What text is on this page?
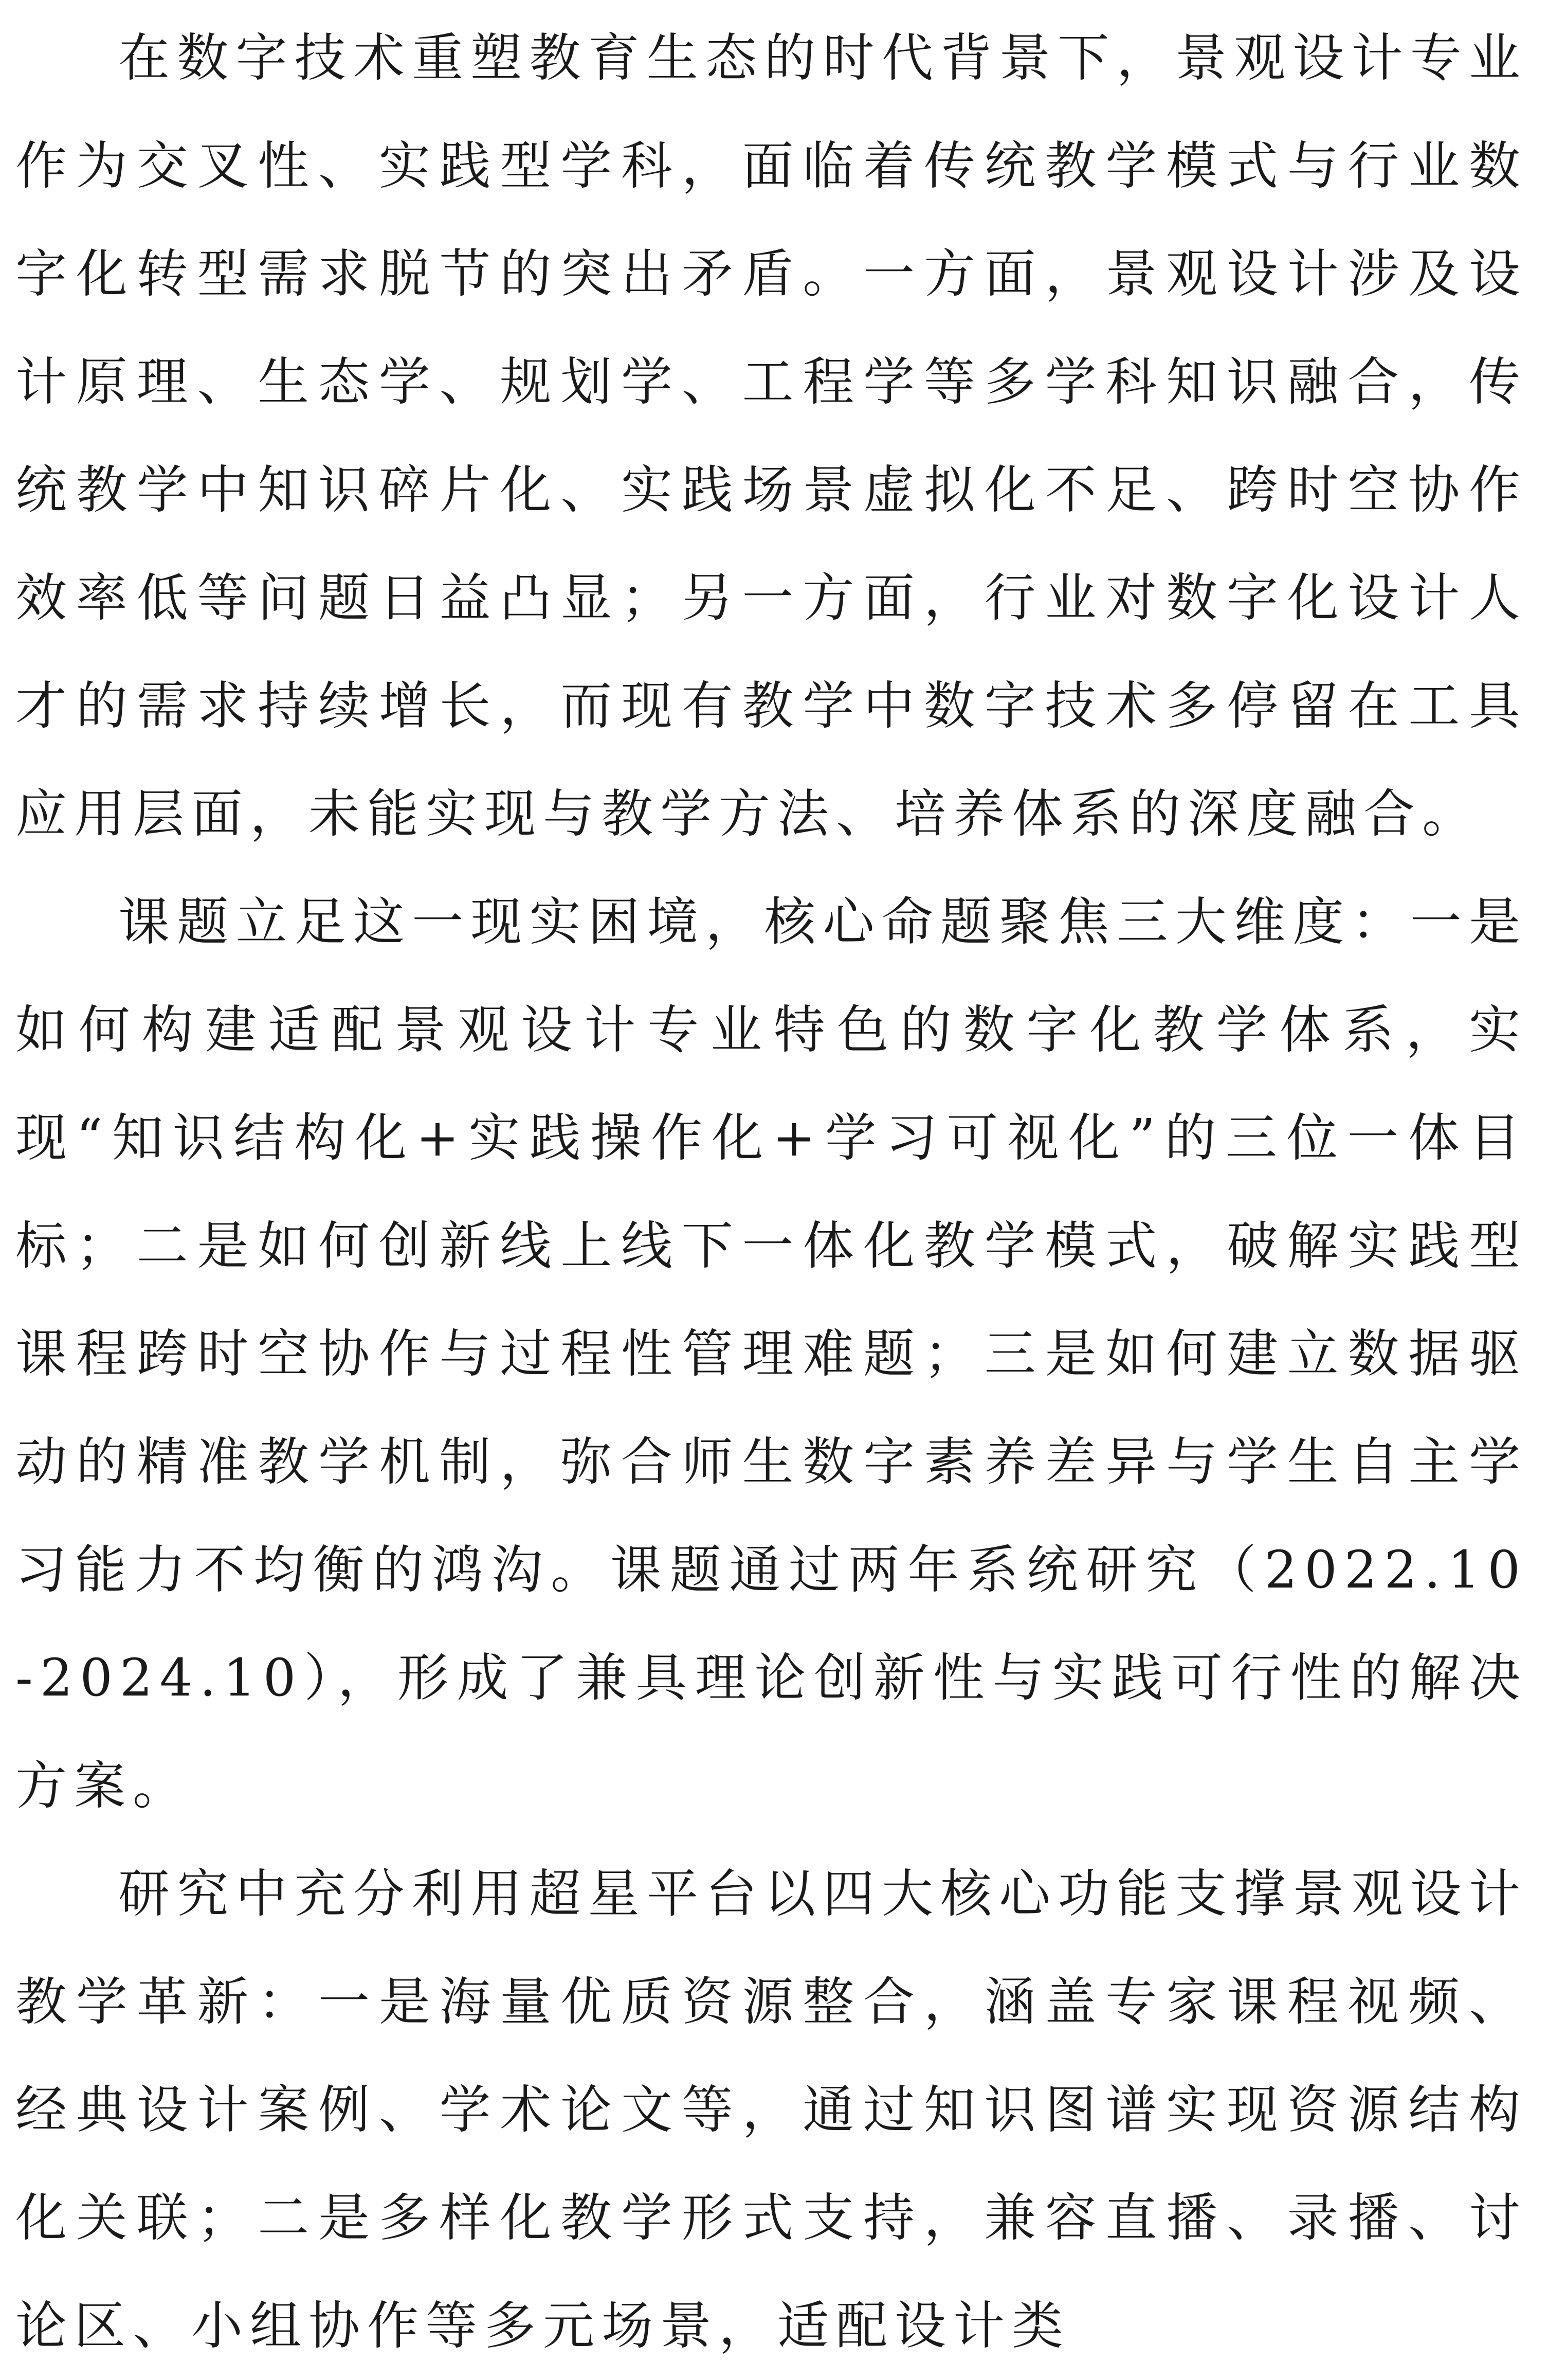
在数字技术重塑教育生态的时代背景下，景观设计专业作为交叉性、实践型学科，面临着传统教学模式与行业数字化转型需求脱节的突出矛盾。一方面，景观设计涉及设计原理、生态学、规划学、工程学等多学科知识融合，传统教学中知识碎片化、实践场景虚拟化不足、跨时空协作效率低等问题日益凸显；另一方面，行业对数字化设计人才的需求持续增长，而现有教学中数字技术多停留在工具应用层面，未能实现与教学方法、培养体系的深度融合。

课题立足这一现实困境，核心命题聚焦三大维度：一是如何构建适配景观设计专业特色的数字化教学体系，实现“知识结构化+实践操作化+学习可视化”的三位一体目标；二是如何创新线上线下一体化教学模式，破解实践型课程跨时空协作与过程性管理难题；三是如何建立数据驱动的精准教学机制，弥合师生数字素养差异与学生自主学习能力不均衡的鸿沟。课题通过两年系统研究（2022.10-2024.10），形成了兼具理论创新性与实践可行性的解决方案。

研究中充分利用超星平台以四大核心功能支撑景观设计教学革新：一是海量优质资源整合，涵盖专家课程视频、经典设计案例、学术论文等，通过知识图谱实现资源结构化关联；二是多样化教学形式支持，兼容直播、录播、讨论区、小组协作等多元场景，适配设计类
